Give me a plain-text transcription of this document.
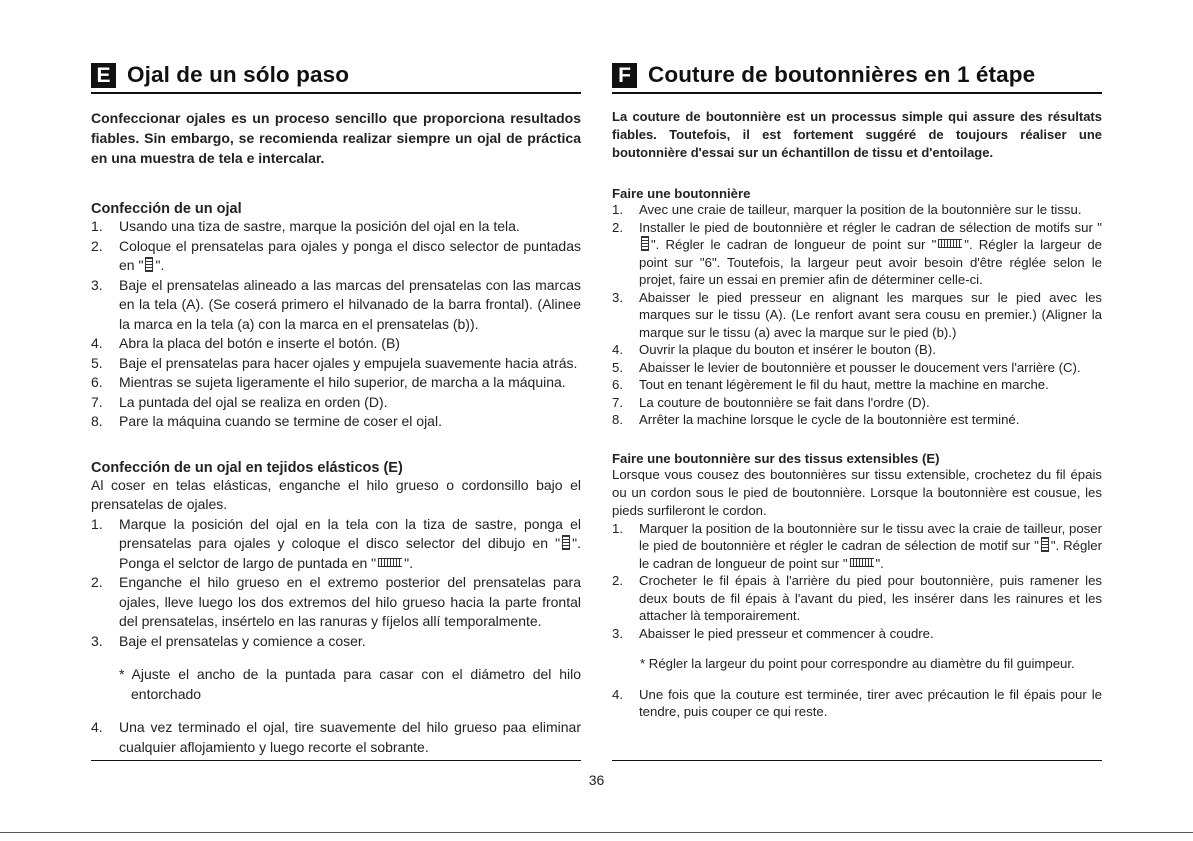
E Ojal de un sólo paso

Confeccionar ojales es un proceso sencillo que proporciona resultados fiables. Sin embargo, se recomienda realizar siempre un ojal de práctica en una muestra de tela e intercalar.

Confección de un ojal

1. Usando una tiza de sastre, marque la posición del ojal en la tela.
2. Coloque el prensatelas para ojales y ponga el disco selector de puntadas en " ".
3. Baje el prensatelas alineado a las marcas del prensatelas con las marcas en la tela (A). (Se coserá primero el hilvanado de la barra frontal). (Alinee la marca en la tela (a) con la marca en el prensatelas (b)).
4. Abra la placa del botón e inserte el botón. (B)
5. Baje el prensatelas para hacer ojales y empujela suavemente hacia atrás.
6. Mientras se sujeta ligeramente el hilo superior, de marcha a la máquina.
7. La puntada del ojal se realiza en orden (D).
8. Pare la máquina cuando se termine de coser el ojal.

Confección de un ojal en tejidos elásticos (E)

Al coser en telas elásticas, enganche el hilo grueso o cordonsillo bajo el prensatelas de ojales.

1. Marque la posición del ojal en la tela con la tiza de sastre, ponga el prensatelas para ojales y coloque el disco selector del dibujo en " ". Ponga el selctor de largo de puntada en " ".
2. Enganche el hilo grueso en el extremo posterior del prensatelas para ojales, lleve luego los dos extremos del hilo grueso hacia la parte frontal del prensatelas, insértelo en las ranuras y fíjelos allí temporalmente.
3. Baje el prensatelas y comience a coser.

* Ajuste el ancho de la puntada para casar con el diámetro del hilo entorchado

4. Una vez terminado el ojal, tire suavemente del hilo grueso paa eliminar cualquier aflojamiento y luego recorte el sobrante.
F Couture de boutonnières en 1 étape

La couture de boutonnière est un processus simple qui assure des résultats fiables. Toutefois, il est fortement suggéré de toujours réaliser une boutonnière d'essai sur un échantillon de tissu et d'entoilage.

Faire une boutonnière

1. Avec une craie de tailleur, marquer la position de la boutonnière sur le tissu.
2. Installer le pied de boutonnière et régler le cadran de sélection de motifs sur "". Régler le cadran de longueur de point sur " ". Régler la largeur de point sur "6". Toutefois, la largeur peut avoir besoin d'être réglée selon le projet, faire un essai en premier afin de déterminer celle-ci.
3. Abaisser le pied presseur en alignant les marques sur le pied avec les marques sur le tissu (A). (Le renfort avant sera cousu en premier.) (Aligner la marque sur le tissu (a) avec la marque sur le pied (b).)
4. Ouvrir la plaque du bouton et insérer le bouton (B).
5. Abaisser le levier de boutonnière et pousser le doucement vers l'arrière (C).
6. Tout en tenant légèrement le fil du haut, mettre la machine en marche.
7. La couture de boutonnière se fait dans l'ordre (D).
8. Arrêter la machine lorsque le cycle de la boutonnière est terminé.

Faire une boutonnière sur des tissus extensibles (E)

Lorsque vous cousez des boutonnières sur tissu extensible, crochetez du fil épais ou un cordon sous le pied de boutonnière. Lorsque la boutonnière est cousue, les pieds surfileront le cordon.

1. Marquer la position de la boutonnière sur le tissu avec la craie de tailleur, poser le pied de boutonnière et régler le cadran de sélection de motif sur " ". Régler le cadran de longueur de point sur " ".
2. Crocheter le fil épais à l'arrière du pied pour boutonnière, puis ramener les deux bouts de fil épais à l'avant du pied, les insérer dans les rainures et les attacher là temporairement.
3. Abaisser le pied presseur et commencer à coudre.

* Régler la largeur du point pour correspondre au diamètre du fil guimpeur.

4. Une fois que la couture est terminée, tirer avec précaution le fil épais pour le tendre, puis couper ce qui reste.
36
